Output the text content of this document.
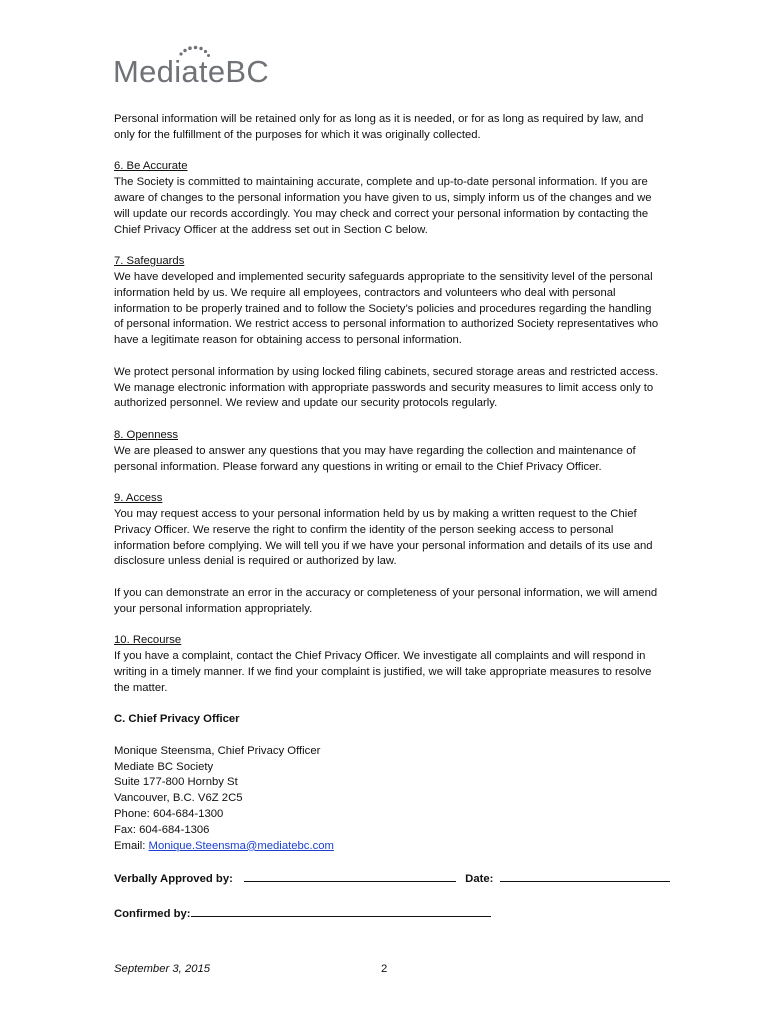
MediateBC

Personal information will be retained only for as long as it is needed, or for as long as required by law, and only for the fulfillment of the purposes for which it was originally collected.

6. Be Accurate
The Society is committed to maintaining accurate, complete and up-to-date personal information. If you are aware of changes to the personal information you have given to us, simply inform us of the changes and we will update our records accordingly. You may check and correct your personal information by contacting the Chief Privacy Officer at the address set out in Section C below.

7. Safeguards
We have developed and implemented security safeguards appropriate to the sensitivity level of the personal information held by us. We require all employees, contractors and volunteers who deal with personal information to be properly trained and to follow the Society’s policies and procedures regarding the handling of personal information. We restrict access to personal information to authorized Society representatives who have a legitimate reason for obtaining access to personal information.

We protect personal information by using locked filing cabinets, secured storage areas and restricted access. We manage electronic information with appropriate passwords and security measures to limit access only to authorized personnel. We review and update our security protocols regularly.

8. Openness
We are pleased to answer any questions that you may have regarding the collection and maintenance of personal information. Please forward any questions in writing or email to the Chief Privacy Officer.

9. Access
You may request access to your personal information held by us by making a written request to the Chief Privacy Officer. We reserve the right to confirm the identity of the person seeking access to personal information before complying. We will tell you if we have your personal information and details of its use and disclosure unless denial is required or authorized by law.

If you can demonstrate an error in the accuracy or completeness of your personal information, we will amend your personal information appropriately.

10. Recourse
If you have a complaint, contact the Chief Privacy Officer. We investigate all complaints and will respond in writing in a timely manner. If we find your complaint is justified, we will take appropriate measures to resolve the matter.

C. Chief Privacy Officer

Monique Steensma, Chief Privacy Officer
Mediate BC Society
Suite 177-800 Hornby St
Vancouver, B.C. V6Z 2C5
Phone: 604-684-1300
Fax: 604-684-1306
Email: Monique.Steensma@mediatebc.com
Verbally Approved by:	Date:
Confirmed by:
September 3, 2015	2
